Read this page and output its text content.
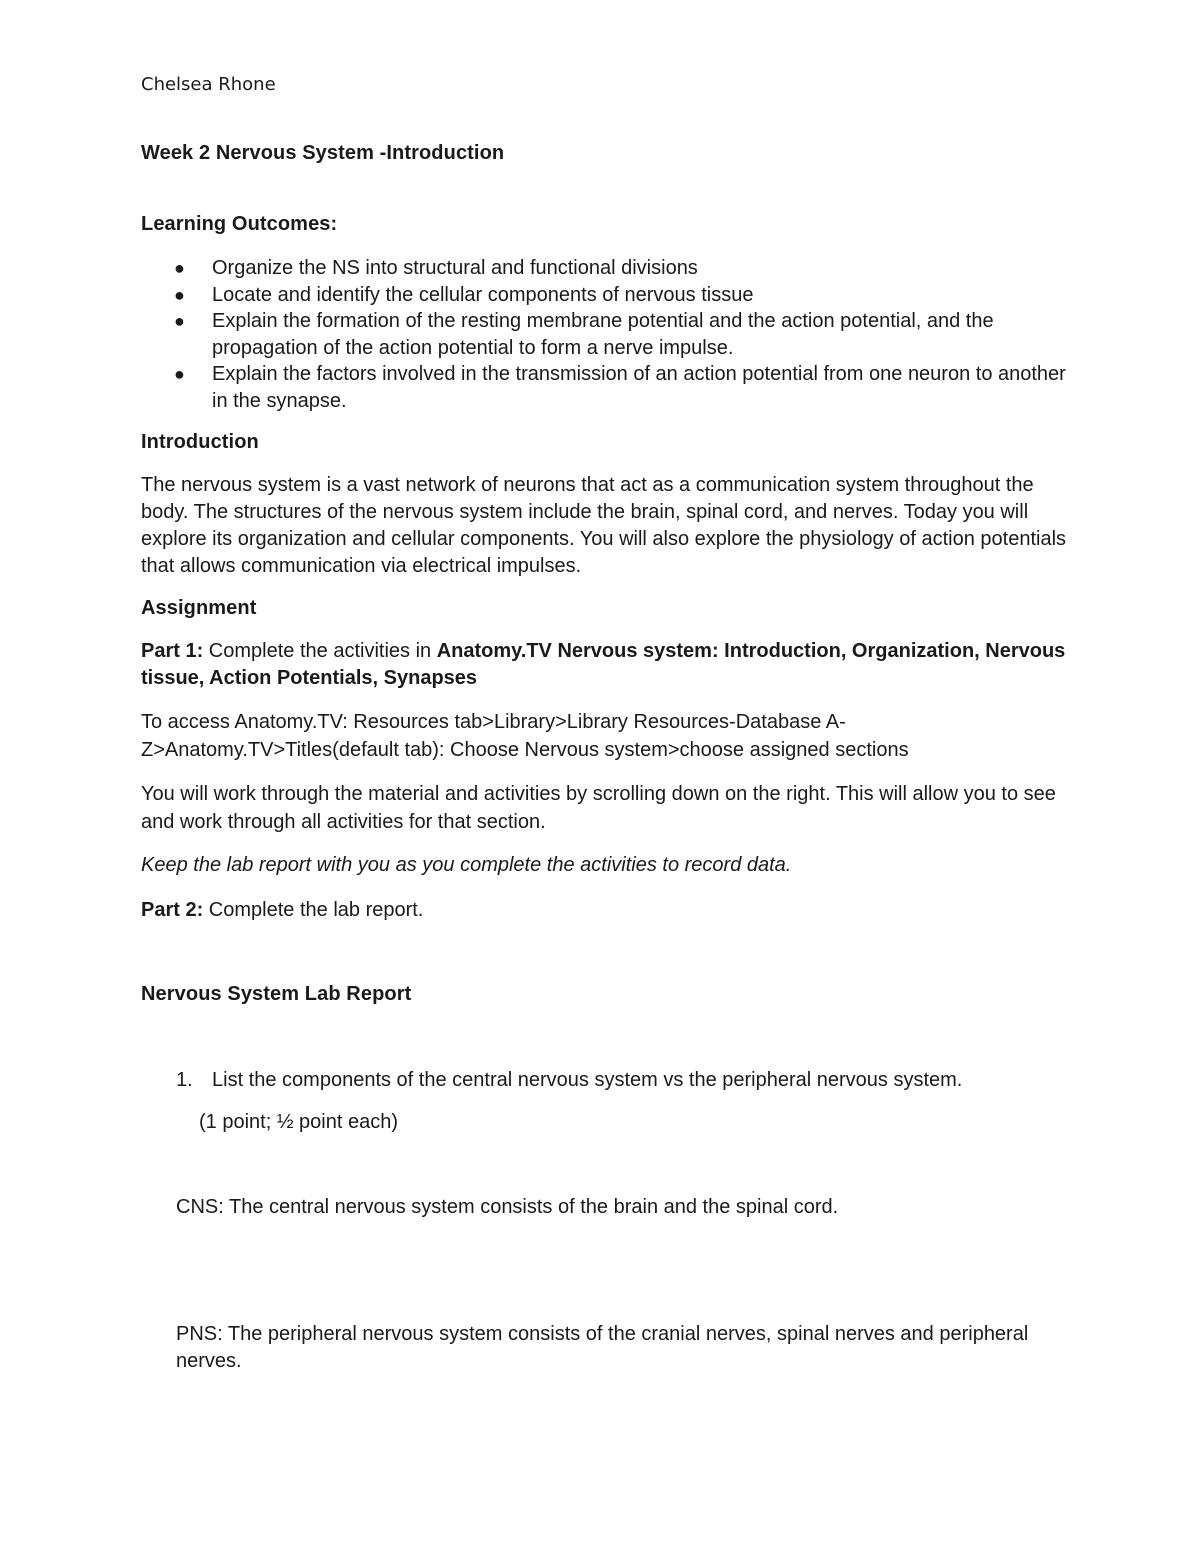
Chelsea Rhone
Week 2 Nervous System -Introduction
Learning Outcomes:
● Organize the NS into structural and functional divisions
● Locate and identify the cellular components of nervous tissue
● Explain the formation of the resting membrane potential and the action potential, and the propagation of the action potential to form a nerve impulse.
● Explain the factors involved in the transmission of an action potential from one neuron to another in the synapse.
Introduction

The nervous system is a vast network of neurons that act as a communication system throughout the body. The structures of the nervous system include the brain, spinal cord, and nerves. Today you will explore its organization and cellular components. You will also explore the physiology of action potentials that allows communication via electrical impulses.

Assignment

Part 1: Complete the activities in Anatomy.TV Nervous system: Introduction, Organization, Nervous tissue, Action Potentials, Synapses

To access Anatomy.TV: Resources tab>Library>Library Resources-Database A-Z>Anatomy.TV>Titles(default tab): Choose Nervous system>choose assigned sections

You will work through the material and activities by scrolling down on the right. This will allow you to see and work through all activities for that section.

Keep the lab report with you as you complete the activities to record data.

Part 2: Complete the lab report.

Nervous System Lab Report
1. List the components of the central nervous system vs the peripheral nervous system.
(1 point; ½ point each)

CNS: The central nervous system consists of the brain and the spinal cord.

PNS: The peripheral nervous system consists of the cranial nerves, spinal nerves and peripheral nerves.
